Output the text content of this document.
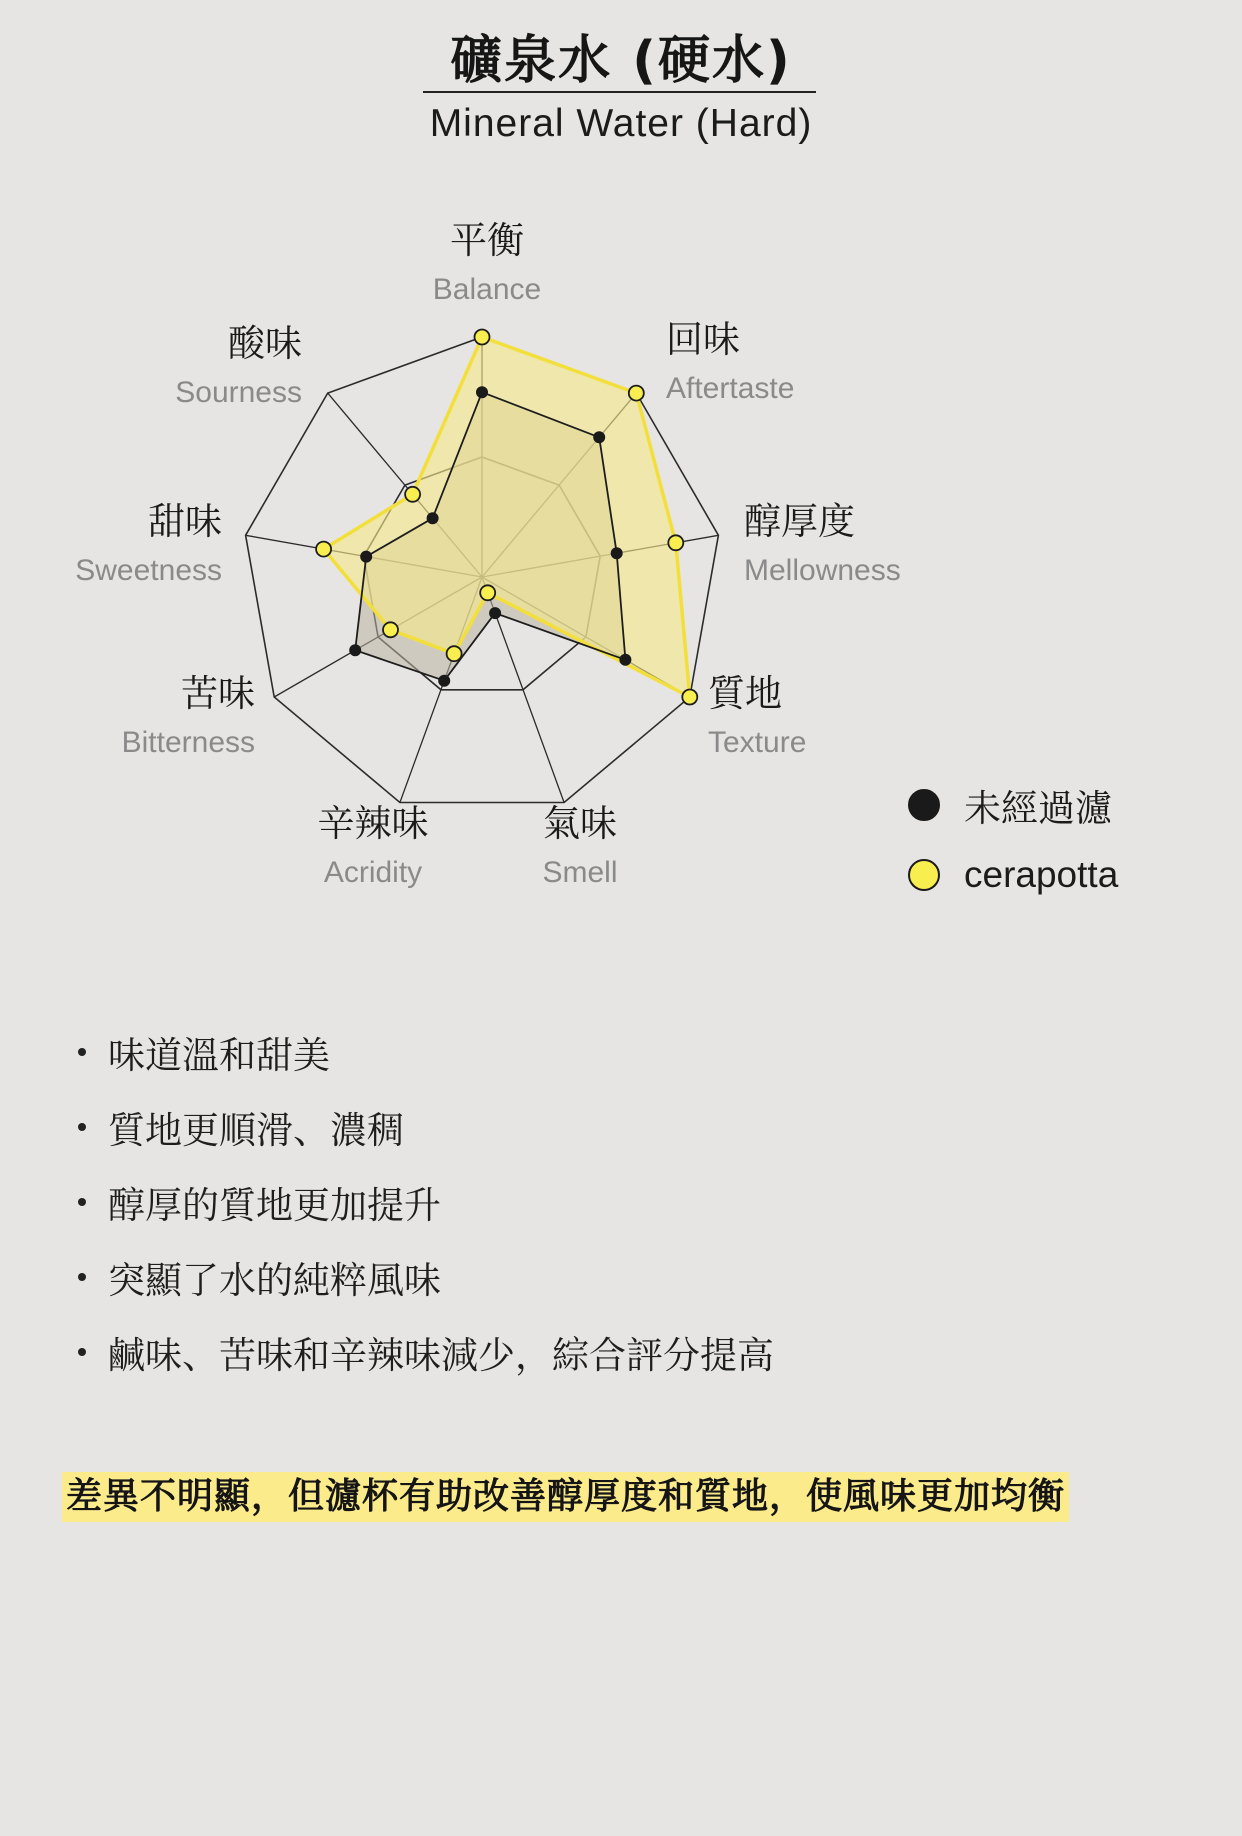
礦泉水 (硬水)
Mineral Water (Hard)
平衡
Balance
回味
Aftertaste
醇厚度
Mellowness
質地
Texture
氣味
Smell
辛辣味
Acridity
苦味
Bitterness
甜味
Sweetness
酸味
Sourness
未經過濾
cerapotta
味道溫和甜美
質地更順滑、濃稠
醇厚的質地更加提升
突顯了水的純粹風味
鹹味、苦味和辛辣味減少，綜合評分提高
差異不明顯，但濾杯有助改善醇厚度和質地，使風味更加均衡
